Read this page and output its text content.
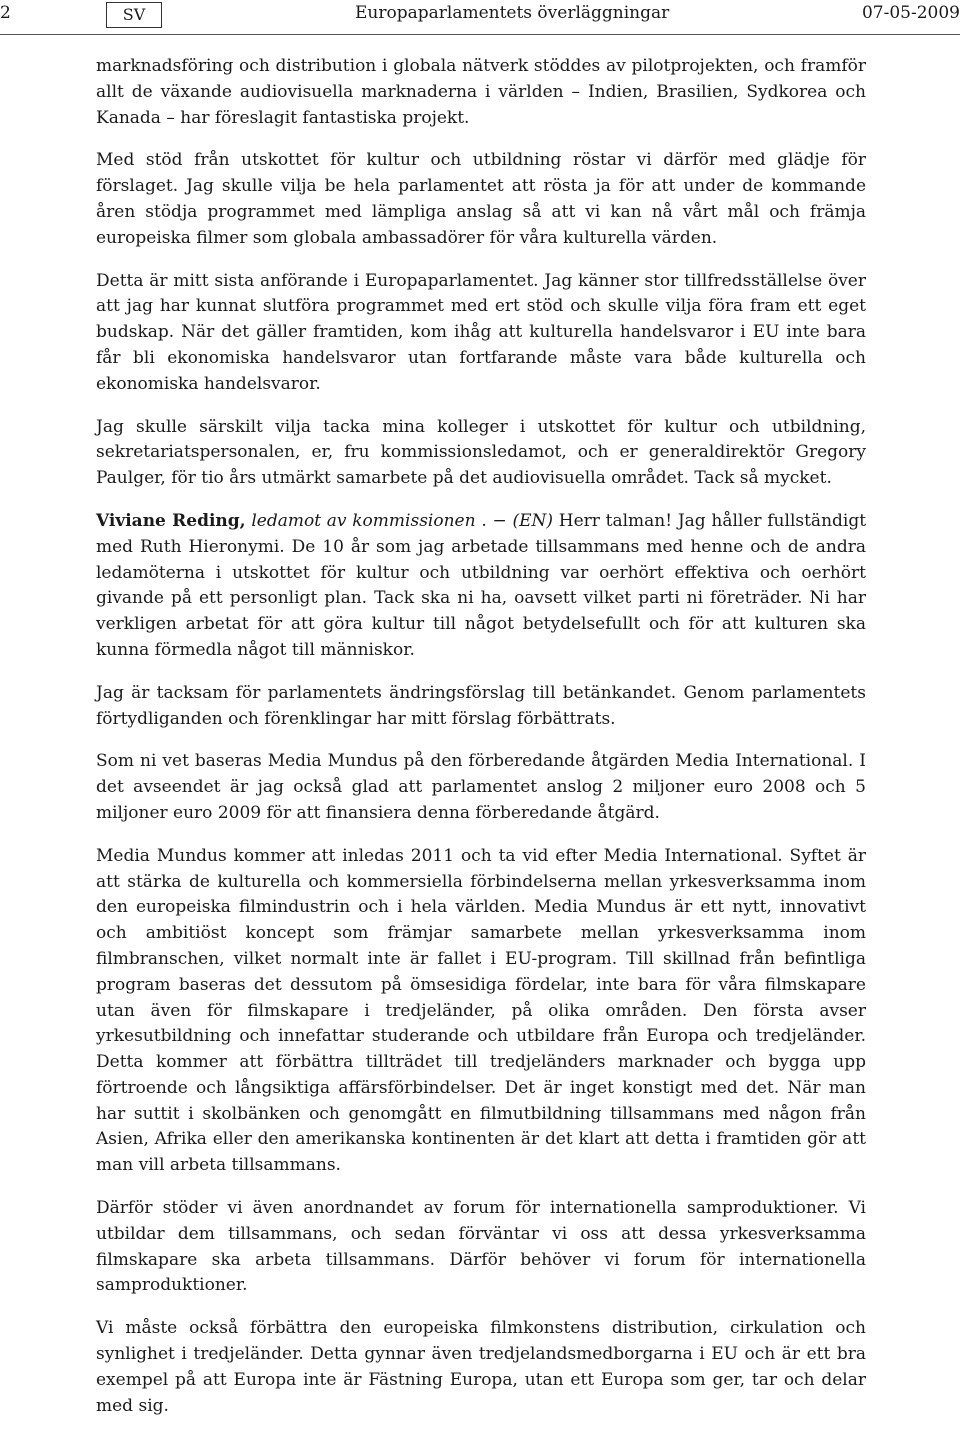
2	SV	Europaparlamentets överläggningar	07-05-2009

marknadsföring och distribution i globala nätverk stöddes av pilotprojekten, och framför allt de växande audiovisuella marknaderna i världen – Indien, Brasilien, Sydkorea och Kanada – har föreslagit fantastiska projekt.

Med stöd från utskottet för kultur och utbildning röstar vi därför med glädje för förslaget. Jag skulle vilja be hela parlamentet att rösta ja för att under de kommande åren stödja programmet med lämpliga anslag så att vi kan nå vårt mål och främja europeiska filmer som globala ambassadörer för våra kulturella värden.

Detta är mitt sista anförande i Europaparlamentet. Jag känner stor tillfredsställelse över att jag har kunnat slutföra programmet med ert stöd och skulle vilja föra fram ett eget budskap. När det gäller framtiden, kom ihåg att kulturella handelsvaror i EU inte bara får bli ekonomiska handelsvaror utan fortfarande måste vara både kulturella och ekonomiska handelsvaror.

Jag skulle särskilt vilja tacka mina kolleger i utskottet för kultur och utbildning, sekretariatspersonalen, er, fru kommissionsledamot, och er generaldirektör Gregory Paulger, för tio års utmärkt samarbete på det audiovisuella området. Tack så mycket.

Viviane Reding, ledamot av kommissionen . − (EN) Herr talman! Jag håller fullständigt med Ruth Hieronymi. De 10 år som jag arbetade tillsammans med henne och de andra ledamöterna i utskottet för kultur och utbildning var oerhört effektiva och oerhört givande på ett personligt plan. Tack ska ni ha, oavsett vilket parti ni företräder. Ni har verkligen arbetat för att göra kultur till något betydelsefullt och för att kulturen ska kunna förmedla något till människor.

Jag är tacksam för parlamentets ändringsförslag till betänkandet. Genom parlamentets förtydliganden och förenklingar har mitt förslag förbättrats.

Som ni vet baseras Media Mundus på den förberedande åtgärden Media International. I det avseendet är jag också glad att parlamentet anslog 2 miljoner euro 2008 och 5 miljoner euro 2009 för att finansiera denna förberedande åtgärd.

Media Mundus kommer att inledas 2011 och ta vid efter Media International. Syftet är att stärka de kulturella och kommersiella förbindelserna mellan yrkesverksamma inom den europeiska filmindustrin och i hela världen. Media Mundus är ett nytt, innovativt och ambitiöst koncept som främjar samarbete mellan yrkesverksamma inom filmbranschen, vilket normalt inte är fallet i EU-program. Till skillnad från befintliga program baseras det dessutom på ömsesidiga fördelar, inte bara för våra filmskapare utan även för filmskapare i tredjeländer, på olika områden. Den första avser yrkesutbildning och innefattar studerande och utbildare från Europa och tredjeländer. Detta kommer att förbättra tillträdet till tredjeländers marknader och bygga upp förtroende och långsiktiga affärsförbindelser. Det är inget konstigt med det. När man har suttit i skolbänken och genomgått en filmutbildning tillsammans med någon från Asien, Afrika eller den amerikanska kontinenten är det klart att detta i framtiden gör att man vill arbeta tillsammans.

Därför stöder vi även anordnandet av forum för internationella samproduktioner. Vi utbildar dem tillsammans, och sedan förväntar vi oss att dessa yrkesverksamma filmskapare ska arbeta tillsammans. Därför behöver vi forum för internationella samproduktioner.

Vi måste också förbättra den europeiska filmkonstens distribution, cirkulation och synlighet i tredjeländer. Detta gynnar även tredjelandsmedborgarna i EU och är ett bra exempel på att Europa inte är Fästning Europa, utan ett Europa som ger, tar och delar med sig.
